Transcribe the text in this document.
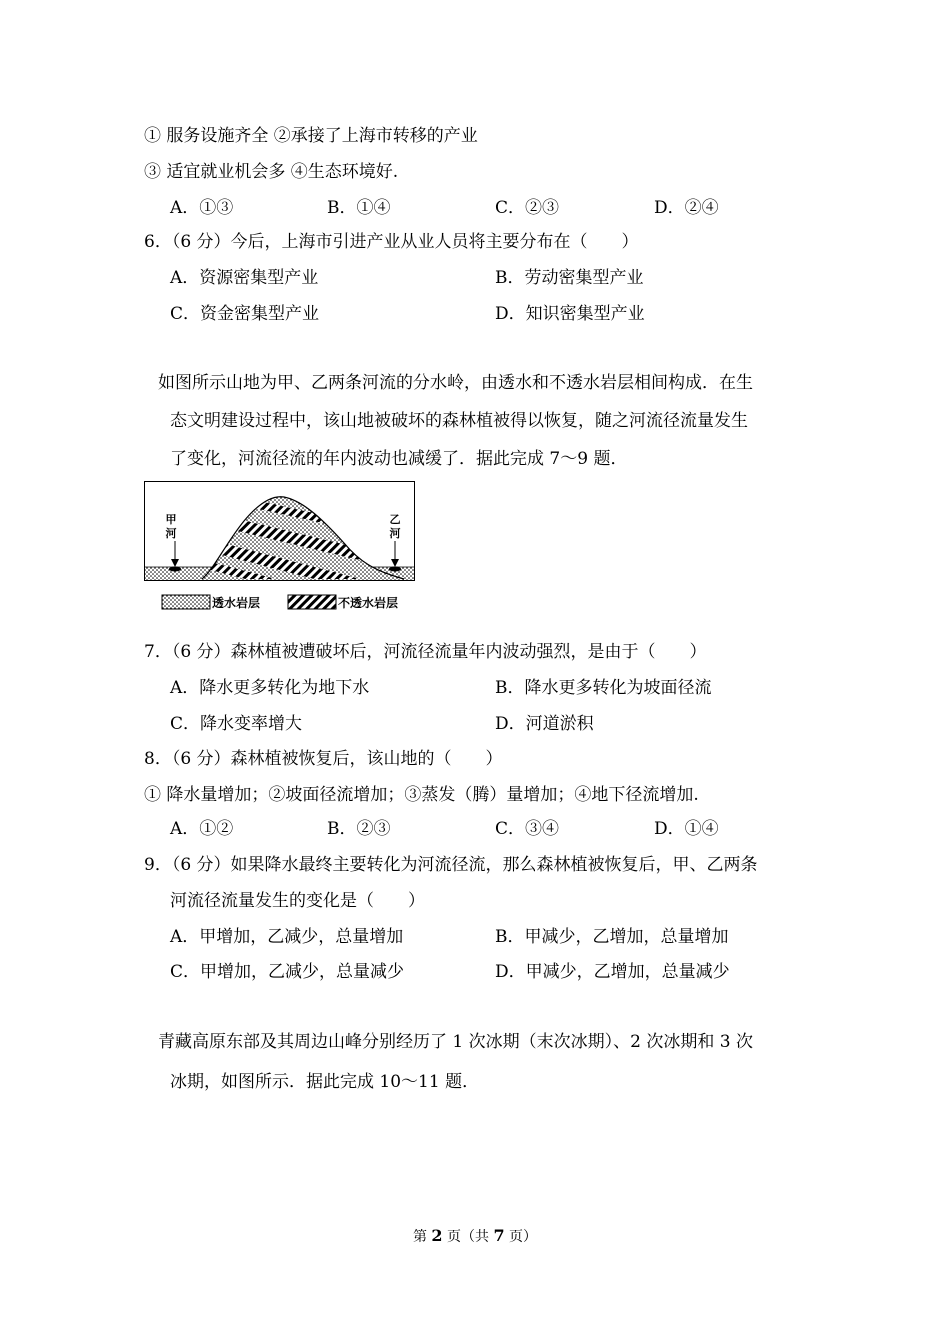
① 服务设施齐全 ②承接了上海市转移的产业
③ 适宜就业机会多 ④生态环境好.
A．①③	B．①④	C．②③	D．②④
6．（6 分）今后，上海市引进产业从业人员将主要分布在（　　）
A．资源密集型产业	B．劳动密集型产业
C．资金密集型产业	D．知识密集型产业
如图所示山地为甲、乙两条河流的分水岭，由透水和不透水岩层相间构成．在生
态文明建设过程中，该山地被破坏的森林植被得以恢复，随之河流径流量发生
了变化，河流径流的年内波动也减缓了．据此完成 7～9 题．
甲
河
乙
河
透水岩层	不透水岩层
7．（6 分）森林植被遭破坏后，河流径流量年内波动强烈，是由于（　　）
A．降水更多转化为地下水	B．降水更多转化为坡面径流
C．降水变率增大	D．河道淤积
8．（6 分）森林植被恢复后，该山地的（　　）
① 降水量增加；②坡面径流增加；③蒸发（腾）量增加；④地下径流增加.
A．①②	B．②③	C．③④	D．①④
9．（6 分）如果降水最终主要转化为河流径流，那么森林植被恢复后，甲、乙两条
河流径流量发生的变化是（　　）
A．甲增加，乙减少，总量增加	B．甲减少，乙增加，总量增加
C．甲增加，乙减少，总量减少	D．甲减少，乙增加，总量减少
青藏高原东部及其周边山峰分别经历了 1 次冰期（末次冰期）、2 次冰期和 3 次
冰期，如图所示．据此完成 10～11 题．
第 2 页（共 7 页）
